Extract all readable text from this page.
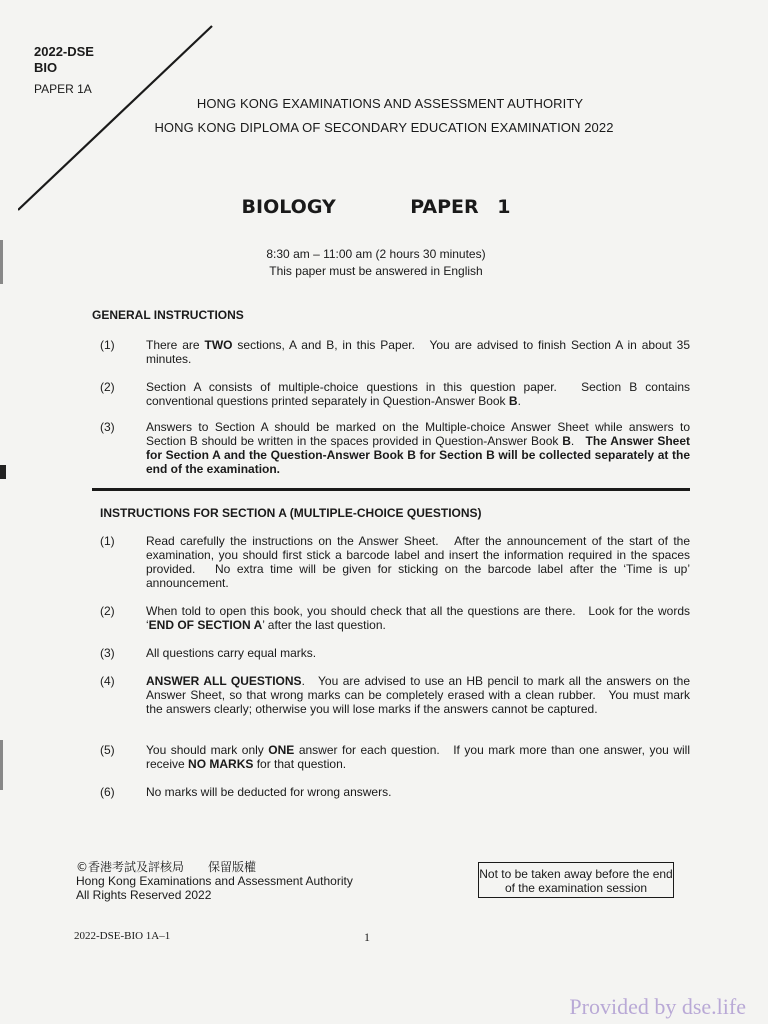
2022-DSE
BIO
PAPER 1A
HONG KONG EXAMINATIONS AND ASSESSMENT AUTHORITY
HONG KONG DIPLOMA OF SECONDARY EDUCATION EXAMINATION 2022
BIOLOGY    PAPER 1
8:30 am – 11:00 am (2 hours 30 minutes)
This paper must be answered in English
GENERAL INSTRUCTIONS
(1)	There are TWO sections, A and B, in this Paper.   You are advised to finish Section A in about 35 minutes.
(2)	Section A consists of multiple-choice questions in this question paper.   Section B contains conventional questions printed separately in Question-Answer Book B.
(3)	Answers to Section A should be marked on the Multiple-choice Answer Sheet while answers to Section B should be written in the spaces provided in Question-Answer Book B.   The Answer Sheet for Section A and the Question-Answer Book B for Section B will be collected separately at the end of the examination.
INSTRUCTIONS FOR SECTION A (MULTIPLE-CHOICE QUESTIONS)
(1)	Read carefully the instructions on the Answer Sheet.   After the announcement of the start of the examination, you should first stick a barcode label and insert the information required in the spaces provided.   No extra time will be given for sticking on the barcode label after the ‘Time is up’ announcement.
(2)	When told to open this book, you should check that all the questions are there.   Look for the words ‘END OF SECTION A’ after the last question.
(3)	All questions carry equal marks.
(4)	ANSWER ALL QUESTIONS.   You are advised to use an HB pencil to mark all the answers on the Answer Sheet, so that wrong marks can be completely erased with a clean rubber.   You must mark the answers clearly; otherwise you will lose marks if the answers cannot be captured.
(5)	You should mark only ONE answer for each question.   If you mark more than one answer, you will receive NO MARKS for that question.
(6)	No marks will be deducted for wrong answers.
©香港考試及評核局　　保留版權
Hong Kong Examinations and Assessment Authority
All Rights Reserved 2022
Not to be taken away before the end of the examination session
2022-DSE-BIO 1A–1	1
Provided by dse.life
